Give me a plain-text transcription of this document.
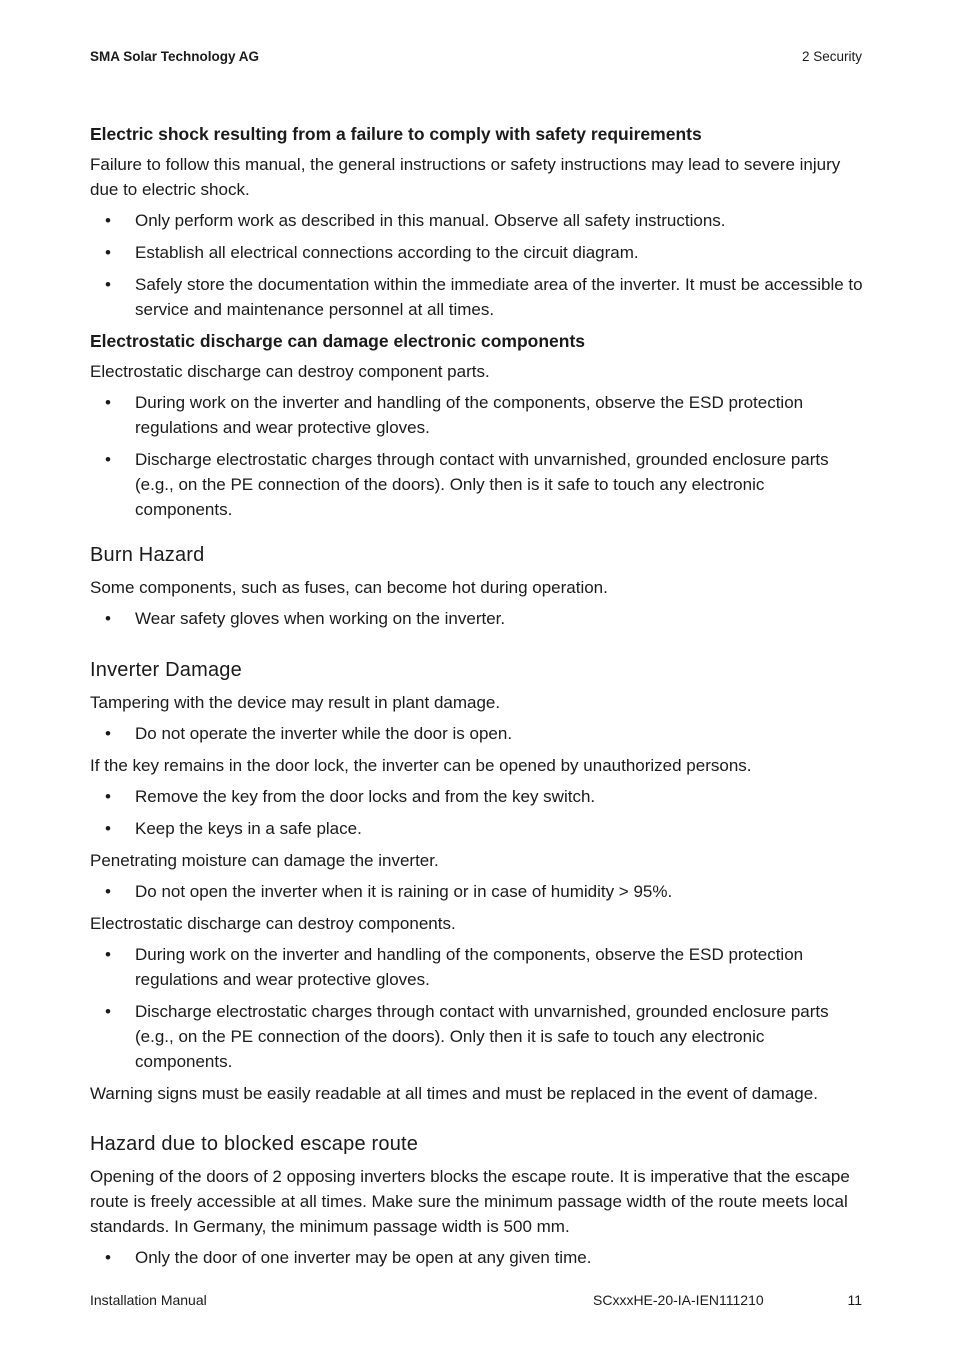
SMA Solar Technology AG	2 Security
Electric shock resulting from a failure to comply with safety requirements

Failure to follow this manual, the general instructions or safety instructions may lead to severe injury due to electric shock.

• Only perform work as described in this manual. Observe all safety instructions.
• Establish all electrical connections according to the circuit diagram.
• Safely store the documentation within the immediate area of the inverter. It must be accessible to service and maintenance personnel at all times.
Electrostatic discharge can damage electronic components

Electrostatic discharge can destroy component parts.

• During work on the inverter and handling of the components, observe the ESD protection regulations and wear protective gloves.
• Discharge electrostatic charges through contact with unvarnished, grounded enclosure parts (e.g., on the PE connection of the doors). Only then is it safe to touch any electronic components.
Burn Hazard

Some components, such as fuses, can become hot during operation.

• Wear safety gloves when working on the inverter.
Inverter Damage

Tampering with the device may result in plant damage.

• Do not operate the inverter while the door is open.

If the key remains in the door lock, the inverter can be opened by unauthorized persons.

• Remove the key from the door locks and from the key switch.
• Keep the keys in a safe place.

Penetrating moisture can damage the inverter.

• Do not open the inverter when it is raining or in case of humidity > 95%.

Electrostatic discharge can destroy components.

• During work on the inverter and handling of the components, observe the ESD protection regulations and wear protective gloves.
• Discharge electrostatic charges through contact with unvarnished, grounded enclosure parts (e.g., on the PE connection of the doors). Only then it is safe to touch any electronic components.

Warning signs must be easily readable at all times and must be replaced in the event of damage.

Hazard due to blocked escape route

Opening of the doors of 2 opposing inverters blocks the escape route. It is imperative that the escape route is freely accessible at all times. Make sure the minimum passage width of the route meets local standards. In Germany, the minimum passage width is 500 mm.

• Only the door of one inverter may be open at any given time.
Installation Manual	SCxxxHE-20-IA-IEN111210	11
